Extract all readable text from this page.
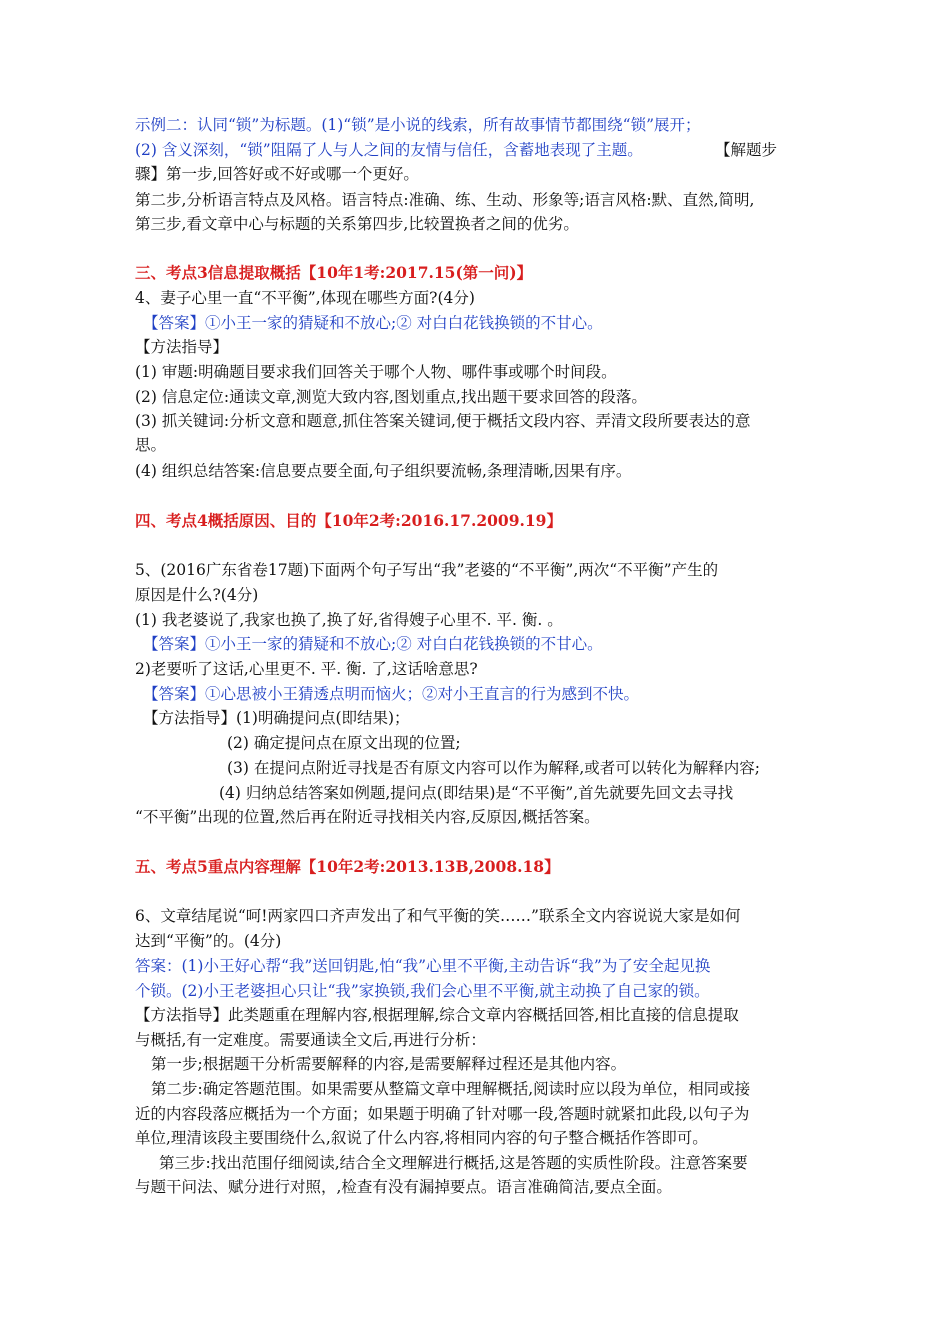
示例二：认同“锁”为标题。(1)“锁”是小说的线索，所有故事情节都围绕“锁”展开；
(2) 含义深刻，“锁”阻隔了人与人之间的友情与信任，含蓄地表现了主题。	【解题步
骤】第一步,回答好或不好或哪一个更好。
第二步,分析语言特点及风格。语言特点:准确、练、生动、形象等;语言风格:默、直然,简明,
第三步,看文章中心与标题的关系第四步,比较置换者之间的优劣。
三、考点3信息提取概括【10年1考:2017.15(第一问)】
4、妻子心里一直“不平衡”,体现在哪些方面?(4分)
【答案】①小王一家的猜疑和不放心;② 对白白花钱换锁的不甘心。
【方法指导】
(1) 审题:明确题目要求我们回答关于哪个人物、哪件事或哪个时间段。
(2) 信息定位:通读文章,测览大致内容,图划重点,找出题干要求回答的段落。
(3) 抓关键词:分析文意和题意,抓住答案关键词,便于概括文段内容、弄清文段所要表达的意
思。
(4) 组织总结答案:信息要点要全面,句子组织要流畅,条理清晰,因果有序。
四、考点4概括原因、目的【10年2考:2016.17.2009.19】
5、(2016广东省卷17题)下面两个句子写出“我”老婆的“不平衡”,两次“不平衡”产生的
原因是什么?(4分)
(1) 我老婆说了,我家也换了,换了好,省得嫂子心里不. 平. 衡. 。
【答案】①小王一家的猜疑和不放心;② 对白白花钱换锁的不甘心。
2)老要听了这话,心里更不. 平. 衡. 了,这话啥意思?
【答案】①心思被小王猜透点明而恼火；②对小王直言的行为感到不快。
【方法指导】(1)明确提问点(即结果)；
(2) 确定提问点在原文出现的位置;
(3) 在提问点附近寻找是否有原文内容可以作为解释,或者可以转化为解释内容;
(4) 归纳总结答案如例题,提问点(即结果)是“不平衡”,首先就要先回文去寻找
“不平衡”出现的位置,然后再在附近寻找相关内容,反原因,概括答案。
五、考点5重点内容理解【10年2考:2013.13B,2008.18】
6、文章结尾说“呵!两家四口齐声发出了和气平衡的笑……”联系全文内容说说大家是如何
达到“平衡”的。(4分)
答案：(1)小王好心帮“我”送回钥匙,怕“我”心里不平衡,主动告诉“我”为了安全起见换
个锁。(2)小王老婆担心只让“我”家换锁,我们会心里不平衡,就主动换了自己家的锁。
【方法指导】此类题重在理解内容,根据理解,综合文章内容概括回答,相比直接的信息提取
与概括,有一定难度。需要通读全文后,再进行分析：
第一步;根据题干分析需要解释的内容,是需要解释过程还是其他内容。
第二步:确定答题范围。如果需要从整篇文章中理解概括,阅读时应以段为单位，相同或接
近的内容段落应概括为一个方面；如果题于明确了针对哪一段,答题时就紧扣此段,以句子为
单位,理清该段主要围绕什么,叙说了什么内容,将相同内容的句子整合概括作答即可。
第三步:找出范围仔细阅读,结合全文理解进行概括,这是答题的实质性阶段。注意答案要
与题干问法、赋分进行对照，,检查有没有漏掉要点。语言准确简洁,要点全面。
